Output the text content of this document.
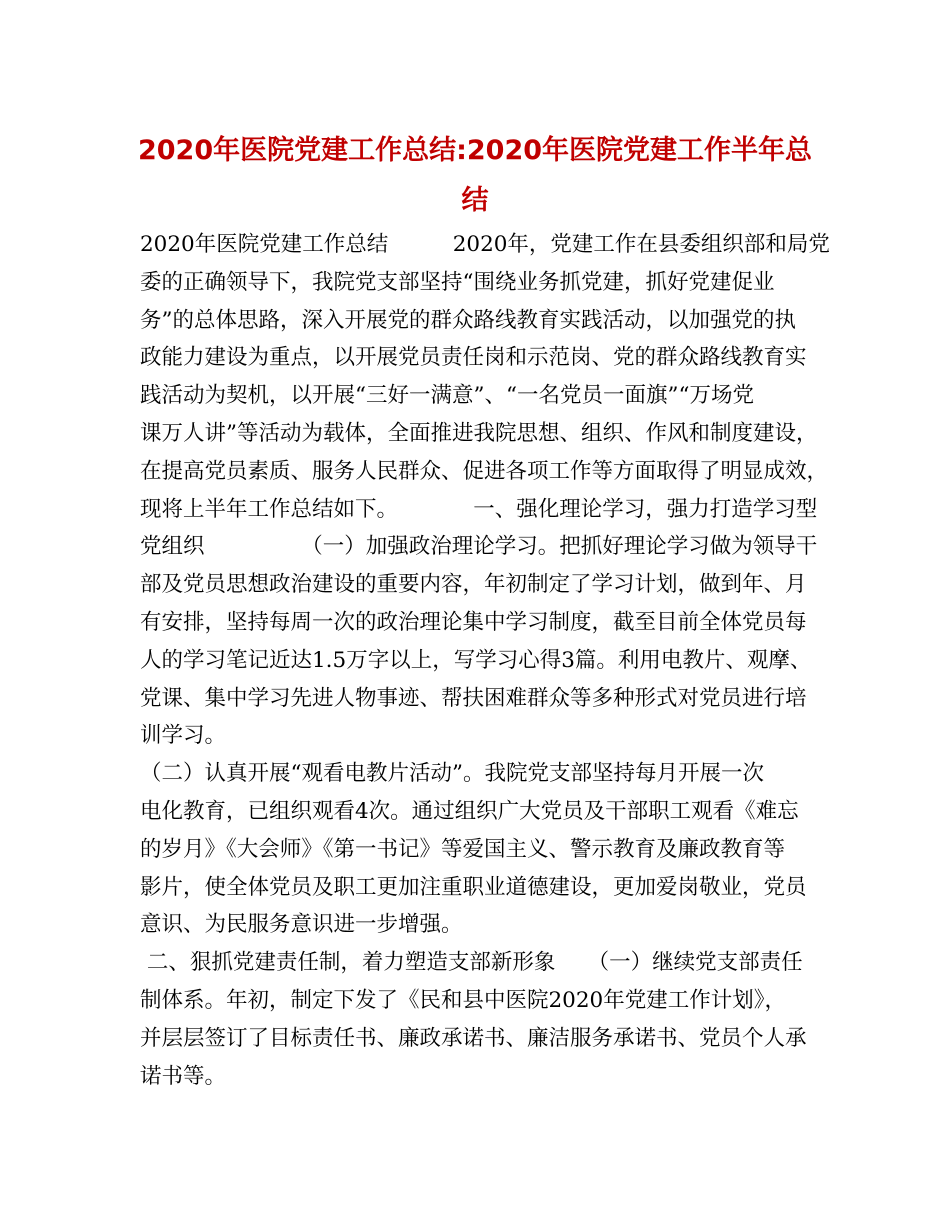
2020年医院党建工作总结:2020年医院党建工作半年总
结
2020年医院党建工作总结　　　2020年，党建工作在县委组织部和局党
委的正确领导下，我院党支部坚持“围绕业务抓党建，抓好党建促业
务”的总体思路，深入开展党的群众路线教育实践活动，以加强党的执
政能力建设为重点，以开展党员责任岗和示范岗、党的群众路线教育实
践活动为契机，以开展“三好一满意”、“一名党员一面旗”“万场党
课万人讲”等活动为载体，全面推进我院思想、组织、作风和制度建设，
在提高党员素质、服务人民群众、促进各项工作等方面取得了明显成效，
现将上半年工作总结如下。　　　　一、强化理论学习，强力打造学习型
党组织　　　　　（一）加强政治理论学习。把抓好理论学习做为领导干
部及党员思想政治建设的重要内容，年初制定了学习计划，做到年、月
有安排，坚持每周一次的政治理论集中学习制度，截至目前全体党员每
人的学习笔记近达1.5万字以上，写学习心得3篇。利用电教片、观摩、
党课、集中学习先进人物事迹、帮扶困难群众等多种形式对党员进行培
训学习。
（二）认真开展“观看电教片活动”。我院党支部坚持每月开展一次
电化教育，已组织观看4次。通过组织广大党员及干部职工观看《难忘
的岁月》《大会师》《第一书记》等爱国主义、警示教育及廉政教育等
影片，使全体党员及职工更加注重职业道德建设，更加爱岗敬业，党员
意识、为民服务意识进一步增强。
二、狠抓党建责任制，着力塑造支部新形象　　（一）继续党支部责任
制体系。年初，制定下发了《民和县中医院2020年党建工作计划》，
并层层签订了目标责任书、廉政承诺书、廉洁服务承诺书、党员个人承
诺书等。
